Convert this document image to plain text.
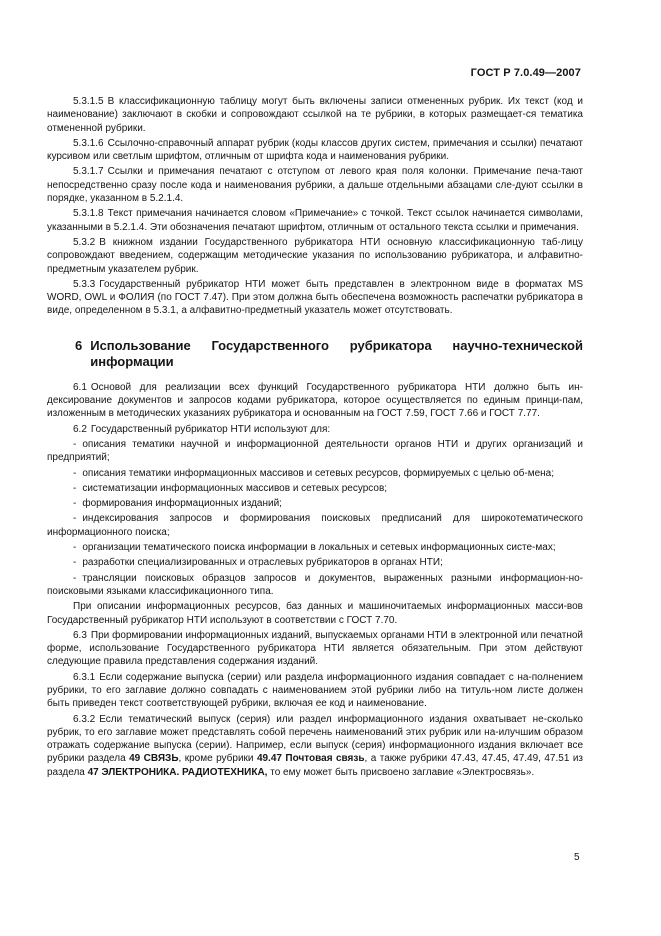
ГОСТ Р 7.0.49—2007

5.3.1.5 В классификационную таблицу могут быть включены записи отмененных рубрик. Их текст (код и наименование) заключают в скобки и сопровождают ссылкой на те рубрики, в которых размещает-ся тематика отмененной рубрики.

5.3.1.6 Ссылочно-справочный аппарат рубрик (коды классов других систем, примечания и ссылки) печатают курсивом или светлым шрифтом, отличным от шрифта кода и наименования рубрики.

5.3.1.7 Ссылки и примечания печатают с отступом от левого края поля колонки. Примечание печа-тают непосредственно сразу после кода и наименования рубрики, а дальше отдельными абзацами сле-дуют ссылки в порядке, указанном в 5.2.1.4.

5.3.1.8 Текст примечания начинается словом «Примечание» с точкой. Текст ссылок начинается символами, указанными в 5.2.1.4. Эти обозначения печатают шрифтом, отличным от остального текста ссылки и примечания.

5.3.2 В книжном издании Государственного рубрикатора НТИ основную классификационную таб-лицу сопровождают введением, содержащим методические указания по использованию рубрикатора, и алфавитно-предметным указателем рубрик.

5.3.3 Государственный рубрикатор НТИ может быть представлен в электронном виде в форматах MS WORD, OWL и ФОЛИЯ (по ГОСТ 7.47). При этом должна быть обеспечена возможность распечатки рубрикатора в виде, определенном в 5.3.1, а алфавитно-предметный указатель может отсутствовать.

6 Использование Государственного рубрикатора научно-технической информации

6.1 Основой для реализации всех функций Государственного рубрикатора НТИ должно быть ин-дексирование документов и запросов кодами рубрикатора, которое осуществляется по единым принци-пам, изложенным в методических указаниях рубрикатора и основанным на ГОСТ 7.59, ГОСТ 7.66 и ГОСТ 7.77.

6.2 Государственный рубрикатор НТИ используют для:

- описания тематики научной и информационной деятельности органов НТИ и других организаций и предприятий;

- описания тематики информационных массивов и сетевых ресурсов, формируемых с целью об-мена;

- систематизации информационных массивов и сетевых ресурсов;

- формирования информационных изданий;

- индексирования запросов и формирования поисковых предписаний для широкотематического информационного поиска;

- организации тематического поиска информации в локальных и сетевых информационных систе-мах;

- разработки специализированных и отраслевых рубрикаторов в органах НТИ;

- трансляции поисковых образцов запросов и документов, выраженных разными информацион-но-поисковыми языками классификационного типа.

При описании информационных ресурсов, баз данных и машиночитаемых информационных масси-вов Государственный рубрикатор НТИ используют в соответствии с ГОСТ 7.70.

6.3 При формировании информационных изданий, выпускаемых органами НТИ в электронной или печатной форме, использование Государственного рубрикатора НТИ является обязательным. При этом действуют следующие правила представления содержания изданий.

6.3.1 Если содержание выпуска (серии) или раздела информационного издания совпадает с на-полнением рубрики, то его заглавие должно совпадать с наименованием этой рубрики либо на титуль-ном листе должен быть приведен текст соответствующей рубрики, включая ее код и наименование.

6.3.2 Если тематический выпуск (серия) или раздел информационного издания охватывает не-сколько рубрик, то его заглавие может представлять собой перечень наименований этих рубрик или на-илучшим образом отражать содержание выпуска (серии). Например, если выпуск (серия) информационного издания включает все рубрики раздела 49 СВЯЗЬ, кроме рубрики 49.47 Почтовая связь, а также рубрики 47.43, 47.45, 47.49, 47.51 из раздела 47 ЭЛЕКТРОНИКА. РАДИОТЕХНИКА, то ему может быть присвоено заглавие «Электросвязь».

5
